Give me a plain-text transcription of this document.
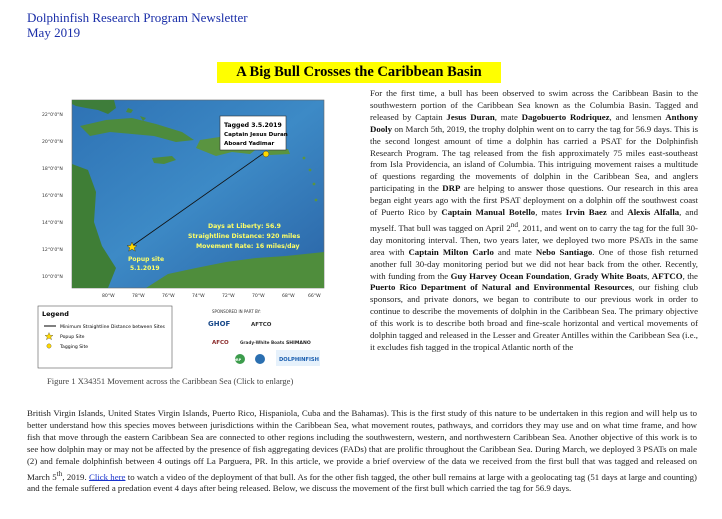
Dolphinfish Research Program Newsletter
May 2019
A Big Bull Crosses the Caribbean Basin
Tagged 3.5.2019
Captain Jesus Duran
Aboard Yadimar
Days at Liberty: 56.9
Straightline Distance: 920 miles
Movement Rate: 16 miles/day
Popup site
5.1.2019
22°0'0"N
20°0'0"N
18°0'0"N
16°0'0"N
14°0'0"N
12°0'0"N
10°0'0"N
80°W	78°W	76°W	74°W	72°W	70°W	68°W	66°W
Legend
Minimum Straightline Distance between Sites
Popup Site
Tagging Site
SPONSORED IN PART BY:
GHOF	AFTCO
AFCO	Grady-White Boats SHIMANO
DRP	DOLPHINFISH
Figure 1 X34351 Movement across the Caribbean Sea (Click to enlarge)
For the first time, a bull has been observed to swim across the Caribbean Basin to the southwestern portion of the Caribbean Sea known as the Columbia Basin. Tagged and released by Captain Jesus Duran, mate Dagobuerto Rodriquez, and lensmen Anthony Dooly on March 5th, 2019, the trophy dolphin went on to carry the tag for 56.9 days. This is the second longest amount of time a dolphin has carried a PSAT for the Dolphinfish Research Program. The tag released from the fish approximately 75 miles east-southeast from Isla Providencia, an island of Columbia. This intriguing movement raises a multitude of questions regarding the movements of dolphin in the Caribbean Sea, and anglers participating in the DRP are helping to answer those questions. Our research in this area began eight years ago with the first PSAT deployment on a dolphin off the southwest coast of Puerto Rico by Captain Manual Botello, mates Irvin Baez and Alexis Alfalla, and myself. That bull was tagged on April 2nd, 2011, and went on to carry the tag for the full 30-day monitoring interval. Then, two years later, we deployed two more PSATs in the same area with Captain Milton Carlo and mate Nebo Santiago. One of those fish returned another full 30-day monitoring period but we did not hear back from the other. Recently, with funding from the Guy Harvey Ocean Foundation, Grady White Boats, AFTCO, the Puerto Rico Department of Natural and Environmental Resources, our fishing club sponsors, and private donors, we began to contribute to our previous work in order to continue to describe the movements of dolphin in the Caribbean Sea. The primary objective of this work is to describe both broad and fine-scale horizontal and vertical movements of dolphin tagged and released in the Lesser and Greater Antilles within the Caribbean Sea (i.e., it excludes fish tagged in the tropical Atlantic north of the
British Virgin Islands, United States Virgin Islands, Puerto Rico, Hispaniola, Cuba and the Bahamas). This is the first study of this nature to be undertaken in this region and will help us to better understand how this species moves between jurisdictions within the Caribbean Sea, what movement routes, pathways, and corridors they may use and on what time frame, and how fish that move through the eastern Caribbean Sea are connected to other regions including the southwestern, western, and northwestern Caribbean Sea. Another objective of this work is to see how dolphin may or may not be affected by the presence of fish aggregating devices (FADs) that are prolific throughout the Caribbean Sea. During March, we deployed 3 PSATs on male (2) and female dolphinfish between 4 outings off La Parguera, PR. In this article, we provide a brief overview of the data we received from the first bull that was tagged and released on March 5th, 2019. Click here to watch a video of the deployment of that bull. As for the other fish tagged, the other bull remains at large with a geolocating tag (51 days at large and counting) and the female suffered a predation event 4 days after being released. Below, we discuss the movement of the first bull which carried the tag for 56.9 days.
